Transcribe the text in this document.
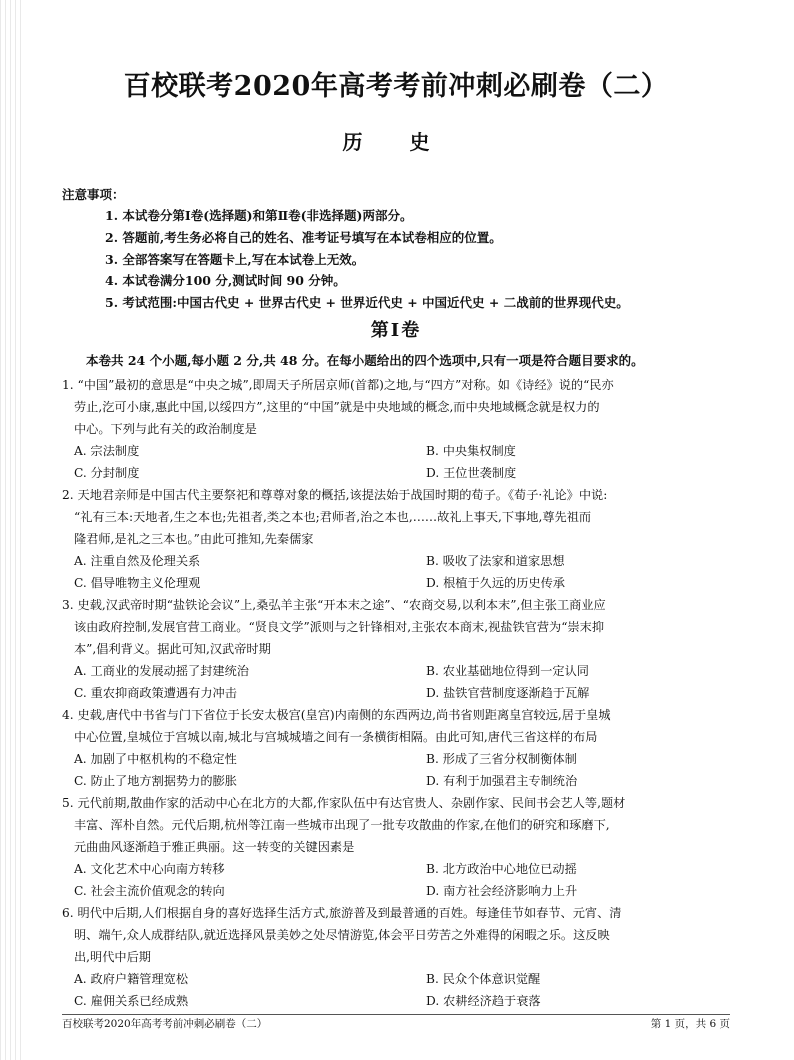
百校联考2020年高考考前冲刺必刷卷（二）
历 史
注意事项：
1. 本试卷分第Ⅰ卷(选择题)和第Ⅱ卷(非选择题)两部分。
2. 答题前,考生务必将自己的姓名、准考证号填写在本试卷相应的位置。
3. 全部答案写在答题卡上,写在本试卷上无效。
4. 本试卷满分100 分,测试时间 90 分钟。
5. 考试范围:中国古代史 + 世界古代史 + 世界近代史 + 中国近代史 + 二战前的世界现代史。
第Ⅰ卷
本卷共 24 个小题,每小题 2 分,共 48 分。在每小题给出的四个选项中,只有一项是符合题目要求的。
1. “中国”最初的意思是“中央之城”,即周天子所居京师(首都)之地,与“四方”对称。如《诗经》说的“民亦
劳止,汔可小康,惠此中国,以绥四方”,这里的“中国”就是中央地域的概念,而中央地域概念就是权力的
中心。下列与此有关的政治制度是
A. 宗法制度	B. 中央集权制度
C. 分封制度	D. 王位世袭制度
2. 天地君亲师是中国古代主要祭祀和尊尊对象的概括,该提法始于战国时期的荀子。《荀子·礼论》中说:
“礼有三本:天地者,生之本也;先祖者,类之本也;君师者,治之本也,……故礼上事天,下事地,尊先祖而
隆君师,是礼之三本也。”由此可推知,先秦儒家
A. 注重自然及伦理关系	B. 吸收了法家和道家思想
C. 倡导唯物主义伦理观	D. 根植于久远的历史传承
3. 史载,汉武帝时期“盐铁论会议”上,桑弘羊主张“开本末之途”、“农商交易,以利本末”,但主张工商业应
该由政府控制,发展官营工商业。“贤良文学”派则与之针锋相对,主张农本商末,视盐铁官营为“崇末抑
本”,倡利背义。据此可知,汉武帝时期
A. 工商业的发展动摇了封建统治	B. 农业基础地位得到一定认同
C. 重农抑商政策遭遇有力冲击	D. 盐铁官营制度逐渐趋于瓦解
4. 史载,唐代中书省与门下省位于长安太极宫(皇宫)内南侧的东西两边,尚书省则距离皇宫较远,居于皇城
中心位置,皇城位于宫城以南,城北与宫城城墙之间有一条横街相隔。由此可知,唐代三省这样的布局
A. 加剧了中枢机构的不稳定性	B. 形成了三省分权制衡体制
C. 防止了地方割据势力的膨胀	D. 有利于加强君主专制统治
5. 元代前期,散曲作家的活动中心在北方的大都,作家队伍中有达官贵人、杂剧作家、民间书会艺人等,题材
丰富、浑朴自然。元代后期,杭州等江南一些城市出现了一批专攻散曲的作家,在他们的研究和琢磨下,
元曲曲风逐渐趋于雅正典丽。这一转变的关键因素是
A. 文化艺术中心向南方转移	B. 北方政治中心地位已动摇
C. 社会主流价值观念的转向	D. 南方社会经济影响力上升
6. 明代中后期,人们根据自身的喜好选择生活方式,旅游普及到最普通的百姓。每逢佳节如春节、元宵、清
明、端午,众人成群结队,就近选择风景美妙之处尽情游览,体会平日劳苦之外难得的闲暇之乐。这反映
出,明代中后期
A. 政府户籍管理宽松	B. 民众个体意识觉醒
C. 雇佣关系已经成熟	D. 农耕经济趋于衰落
百校联考2020年高考考前冲刺必刷卷（二）	第 1 页，共 6 页
